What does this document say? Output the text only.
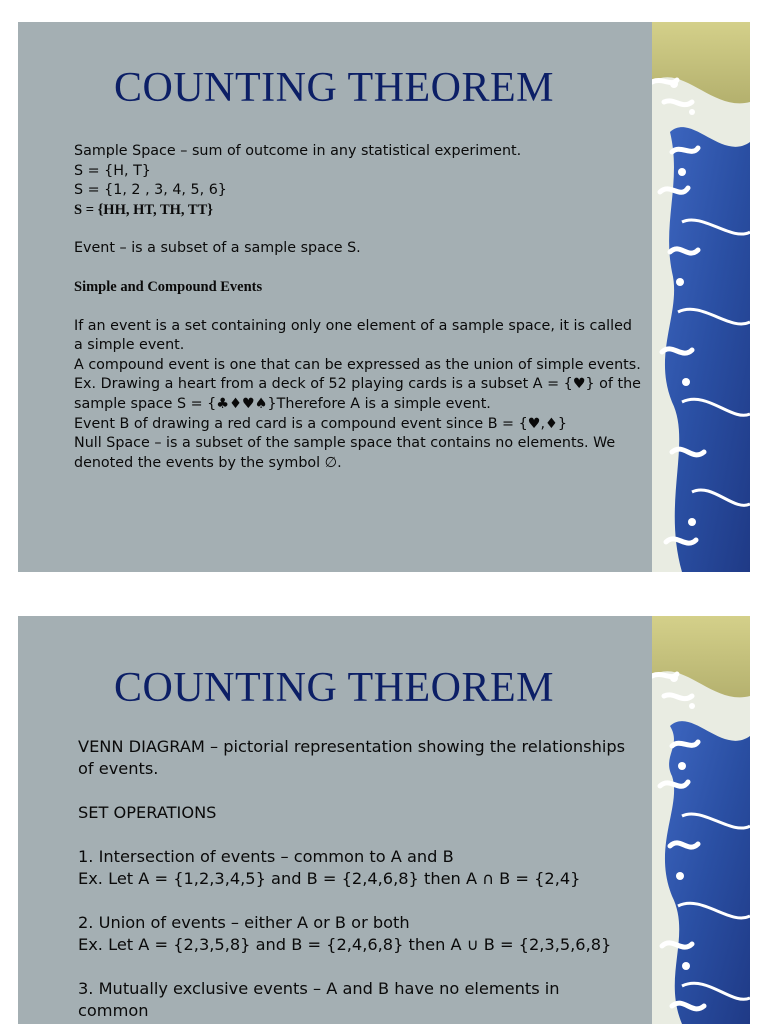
COUNTING THEOREM

Sample Space – sum of outcome in any statistical experiment.

S = {H, T}

S = {1, 2 , 3, 4, 5, 6}

S = {HH, HT, TH, TT}

Event – is a subset of a sample space S.

Simple and Compound Events

If an event is a set containing only one element of a sample space, it is called a simple event.

A compound event is one that can be expressed as the union of simple events.

Ex. Drawing a heart from a deck of 52 playing cards is a subset A = {♥} of the sample space S = {♣♦♥♠}Therefore A is a simple event.

Event B of drawing a red card is a compound event since B = {♥,♦}

Null Space – is a subset of the sample space that contains no elements. We denoted the events by the symbol ∅.

COUNTING THEOREM

VENN DIAGRAM – pictorial representation showing the relationships of events.

SET OPERATIONS

1. Intersection of events – common to A and B

Ex. Let A = {1,2,3,4,5} and B = {2,4,6,8} then A ∩ B = {2,4}

2. Union of events – either A or B or both

Ex. Let A = {2,3,5,8} and B = {2,4,6,8} then A ∪ B = {2,3,5,6,8}

3. Mutually exclusive events – A and B have no elements in common
